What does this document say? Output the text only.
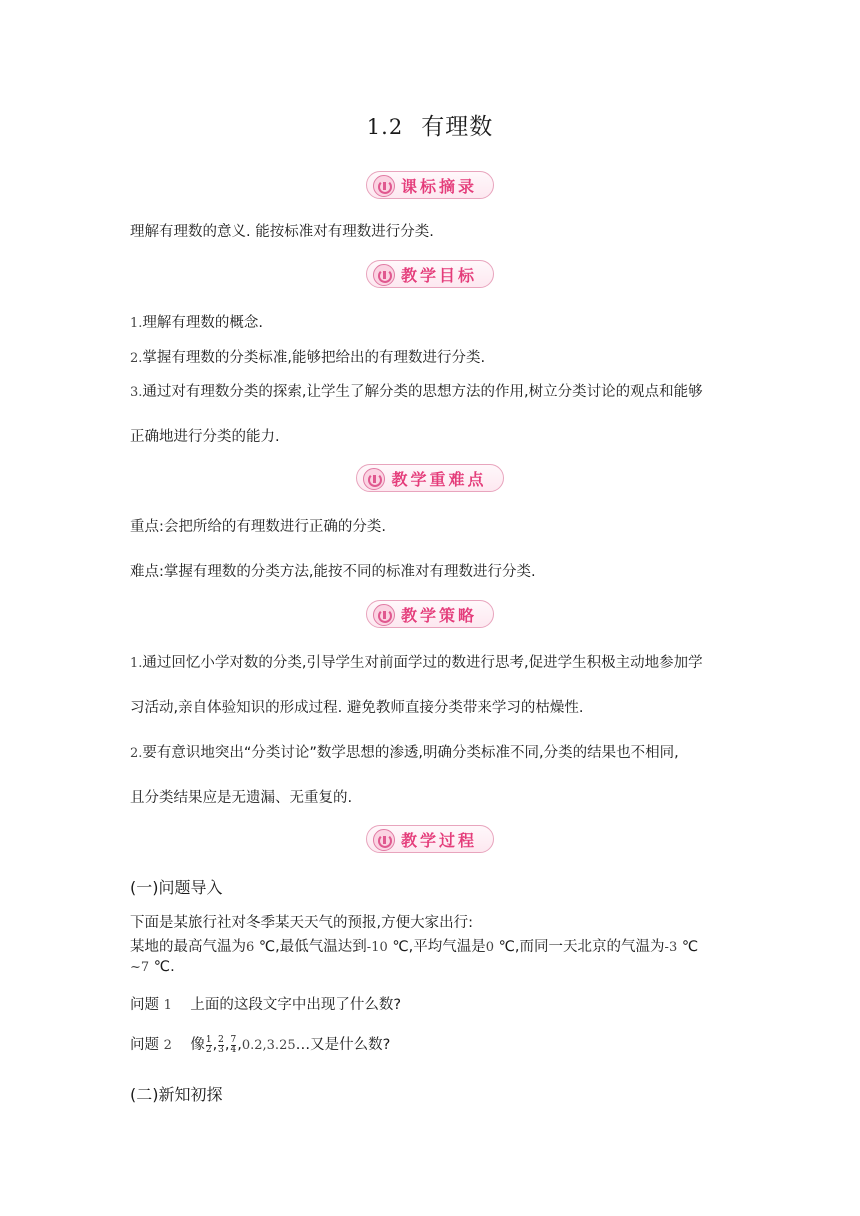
1.2 有理数
课标摘录
理解有理数的意义. 能按标准对有理数进行分类.
教学目标
1.理解有理数的概念.
2.掌握有理数的分类标准,能够把给出的有理数进行分类.
3.通过对有理数分类的探索,让学生了解分类的思想方法的作用,树立分类讨论的观点和能够
正确地进行分类的能力.
教学重难点
重点:会把所给的有理数进行正确的分类.
难点:掌握有理数的分类方法,能按不同的标准对有理数进行分类.
教学策略
1.通过回忆小学对数的分类,引导学生对前面学过的数进行思考,促进学生积极主动地参加学
习活动,亲自体验知识的形成过程. 避免教师直接分类带来学习的枯燥性.
2.要有意识地突出“分类讨论”数学思想的渗透,明确分类标准不同,分类的结果也不相同,
且分类结果应是无遗漏、无重复的.
教学过程
(一)问题导入
下面是某旅行社对冬季某天天气的预报,方便大家出行:
某地的最高气温为6 ℃,最低气温达到-10 ℃,平均气温是0 ℃,而同一天北京的气温为-3 ℃
~7 ℃.
问题 1 上面的这段文字中出现了什么数?
问题 2 像 $\frac{1}{2}$ , $\frac{2}{3}$ , $\frac{7}{4}$ ,0.2,3.25…又是什么数?
(二)新知初探
